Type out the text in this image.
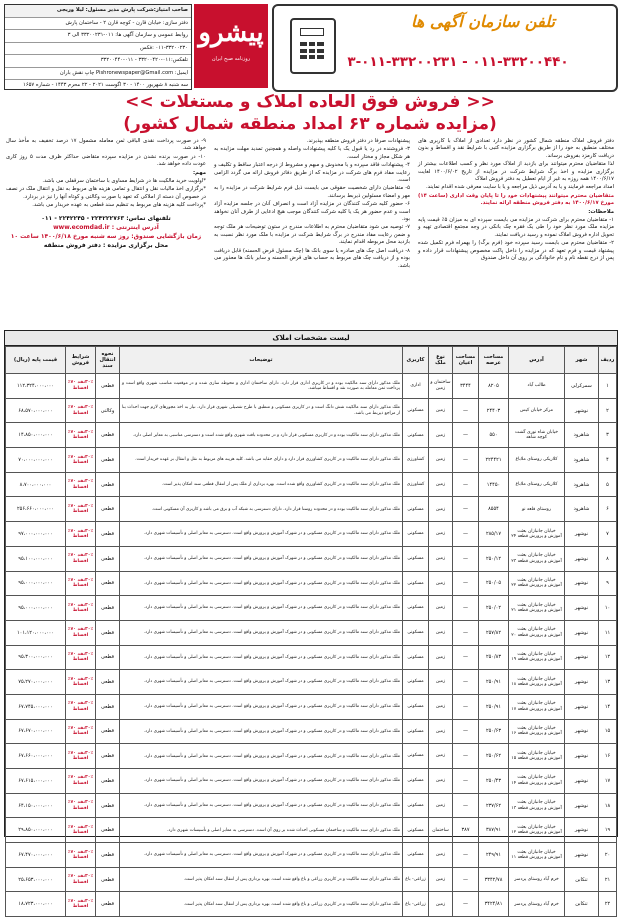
صاحب امتیاز:شرکت پارش مدیر مسئول: لیلا وریجی
دفتر سازی: خیابان قارن - کوچه قارن ۲ - ساختمان پارش
روابط عمومی و سازمان آگهی ها: ۰۱۱-۳۳۲۰۰۲۳۱ الی ۳
۰۱۱-۳۳۲۰۰۲۳۰ :فکس
تلفکس:۰۱۱-۳۳۲۰۰۴۲۰ - ۰۱۱-۳۳۲۰۰۴۴۰
ایمیل: Pishronewspaper@Gmail.com چاپ نقش باران
سه شنبه ۸ شهریور ۱۴۰۰ - ۳۰ اگوست ۲۰۲۱ - ۲۲ محرم ۱۴۴۳ - شماره ۱۶۵۷
پیشرو
روزنامه صبح ایران
تلفن سازمان آگهی ها
۳-۰۱۱-۳۳۲۰۰۲۳۱ - ۰۱۱-۳۳۲۰۰۴۴۰
<< فروش فوق العاده املاک و مستغلات >>
(مزایده شماره ۶۳ امداد منطقه شمال کشور)

دفتر فروش املاک منطقه شمال کشور در نظر دارد تعدادی از املاک با کاربری های مختلف منطبق به خود را از طریق برگزاری مزایده کتبی با شرایط نقد و اقساط و بدون دریافت کارمزد بفروش برساند.

لذا متقاضیان محترم میتوانند برای بازدید از املاک مورد نظر و کسب اطلاعات بیشتر از برگزاری مزایده و اخذ برگ شرایط شرکت در مزایده از تاریخ ۱۴۰۰/۶/۰۲ لغایت ۱۴۰۰/۶/۱۷ همه روزه به غیر از ایام تعطیل به دفتر فروش املاک

امداد مراجعه فرمایند و یا به آدرس ذیل مراجعه و یا با سایت معرفی شده اقدام نمایند.

متقاضیان محترم میتوانند پیشنهادات خود را تا پایان وقت اداری (ساعت ۱۴) مورخ ۱۴۰۰/۶/۱۷ به دفتر فروش منطقه ارائه نمایند.

ملاحظات:

۱- متقاضیان محترم برای شرکت در مزایده می بایست سپرده ای به میزان ۵٪ قیمت پایه مزایده ملک مورد نظر خود را طی یک فقره چک بانکی در وجه مجتمع اقتصادی تهیه و تحویل اداره فروش املاک نموده و رسید دریافت نمایند.

۲- متقاضیان محترم می بایست رسید سپرده خود (فرم برگ) را بهمراه فرم تکمیل شده پیشنهاد قیمت و فرم تعهد که در مزایده را داخل پاکت مخصوص پیشنهادات قرار داده و پس از درج نقطه نام و نام خانوادگی بر روی آن داخل صندوق

پیشنهادات صرفا در دفتر فروش منطقه بپذیرند.

۳- فروشنده در رد یا قبول یک یا کلیه پیشنهادات واصله و همچنین تمدید مهلت مزایده به هر شکل مجاز و مختار است.

۴- پیشنهادات فاقد سپرده و یا مخدوش و مبهم و مشروط از درجه اعتبار ساقط و تکلیف و رعایت مفاد فرم های شرکت در مزایده که از طریق دفاتر فروش ارائه می گردد الزامی است.

۵- متقاضیان دارای شخصیت حقوقی می بایست ذیل فرم شرایط شرکت در مزایده را به مهر و امضاء مسئولین ذیربط برسانند.

۶- حضور کلیه شرکت کنندگان در مزایده آزاد است و انصراف آنان در جلسه مزایده آزاد است و عدم حضور هر یک یا کلیه شرکت کنندگان موجب هیچ ادعایی از طرف آنان نخواهد بود.

۷- توصیه می شود متقاضیان محترم به اطلاعات مندرج در ستون توضیحات هر ملک توجه و ضمن رعایت مفاد مندرج در برگ شرایط شرکت در مزایده با ملک مورد نظر نسبت به بازدید محل مربوطه اقدام نمایند.

۸- دریافت اصل چک های صادره یا سوی بانک ها (چک مسئول قرض الحسنه) قابل دریافت بوده و از دریافت چک های مربوط به حساب های قرض الحسنه و سایر بانک ها معذور می باشد.

۹- در صورت پرداخت نقدی الباقی ثمن معامله مشمول ۱۷ درصد تخفیف به مأخذ سال خواهد شد.

۱۰- در صورت برنده نشدن در مزایده سپرده متقاضی حداکثر ظرف مدت ۵ روز کاری عودت داده خواهد شد.

مهم:

*اولویت خرید مالکیت ها در شرایط مساوی با ساختمان سرقفلی می باشد.

*برگزاری اخذ مالیات نقل و انتقال و تمامی هزینه های مربوط به نقل و انتقال ملک در نصف در خصوص آن دسته از املاکی که تعهد یا صورت وکالتی و کوتاه آنها را نیز در بردارد.

*پرداخت کلیه هزینه های مربوط به تنظیم سند قطعی به عهده خریدار می باشد.

تلفنهای تماس: ۲۲۴۲۲۲۷۶۳ - ۲۲۴۲۲۴۵ - ۰۱۱
آدرس اینترنتی : www.ecomdad.ir
زمان بازگشایی صندوق: روز سه شنبه مورخ ۱۴۰۰/۶/۱۸ ساعت ۱۰
محل برگزاری مزایده : دفتر فروش منطقه
لیست مشخصات املاک
ردیف	شهر	آدرس	مساحت عرصه	مساحت اعیان	نوع ملک	کاربری	توضیحات	نحوه انتقال سند	شرایط فروش	قیمت پایه (ریال)
۱	سمرکرلی	طالب آباد	۸۲۰۵	۳۴۴۴	ساختمان و زمین	اداری	ملک مذکور دارای سند مالکیت بوده و در کاربری اداری قرار دارد. دارای ساختمان اداری و محوطه سازی شده و در موقعیت مناسب شهری واقع است و پرداخت ثمن معامله به صورت نقد و اقساط میباشد.	قطعی	۳۰٪نقد ۷۰٪ اقساط	۱۱۲،۳۲۴،۰۰۰،۰۰۰
۲	نوشهر	مرکز خیابان کیس	۲۴۴۰۳	—	زمین	مسکونی	ملک مذکور دارای سند مالکیت شش دانگ است و در کاربری مسکونی و منطبق با طرح تفصیلی شهری قرار دارد. نیاز به اخذ مجوزهای لازم جهت احداث بنا از مراجع ذیربط می باشد.	وکالتی	۳۰٪نقد ۷۰٪ اقساط	۶۸،۵۷۰،۰۰۰،۰۰۰
۳	شاهرود	خیابان شاه نوری گشت کوچه شاهد	۵۵۰	—	زمین	مسکونی	ملک مذکور دارای سند مالکیت بوده و در کاربری مسکونی قرار دارد و در محدوده بافت شهری واقع شده است و دسترسی مناسبی به معابر اصلی دارد.	قطعی	۳۰٪نقد ۷۰٪ اقساط	۱۴،۸۵۰،۰۰۰،۰۰۰
۴	شاهرود	کلاریکی روستای ملاباغ	۲۲۴۴۲۱	—	زمین	کشاورزی	ملک مذکور دارای سند مالکیت و در کاربری کشاورزی قرار دارد و دارای حقابه می باشد. کلیه هزینه های مربوط به نقل و انتقال بر عهده خریدار است.	قطعی	۳۰٪نقد ۷۰٪ اقساط	۷۰،۰۰۰،۰۰۰،۰۰۰
۵	شاهرود	کلاریکی روستای ملاباغ	۱۴۴۵۰	—	زمین	کشاورزی	ملک مذکور دارای سند مالکیت و در کاربری کشاورزی واقع شده است. بهره برداری از ملک پس از انتقال قطعی سند امکان پذیر است.	قطعی	۳۰٪نقد ۷۰٪ اقساط	۸،۷۰۰،۰۰۰،۰۰۰
۶	شاهرود	روستای قلعه نو	۸۵۵۴	—	زمین	مسکونی	ملک مذکور دارای سند مالکیت بوده و در محدوده روستا قرار دارد. دارای دسترسی به شبکه آب و برق می باشد و کاربری آن مسکونی است.	قطعی	۳۰٪نقد ۷۰٪ اقساط	۲۵۶،۶۶۰،۰۰۰،۰۰۰
۷	نوشهر	خیابان جانبازان بعثت آموزش و پرورش قطعه ۲۴	۲۸۵/۱۷	—	زمین	مسکونی	ملک مذکور دارای سند مالکیت و در کاربری مسکونی و در شهرک آموزش و پرورش واقع است. دسترسی به معابر اصلی و تأسیسات شهری دارد.	قطعی	۳۰٪نقد ۷۰٪ اقساط	۹۷،۰۰۰،۰۰۰،۰۰۰
۸	نوشهر	خیابان جانبازان بعثت آموزش و پرورش قطعه ۲۳	۲۵۰/۱۲	—	زمین	مسکونی	ملک مذکور دارای سند مالکیت و در کاربری مسکونی و در شهرک آموزش و پرورش واقع است. دسترسی به معابر اصلی و تأسیسات شهری دارد.	قطعی	۳۰٪نقد ۷۰٪ اقساط	۹۵،۱۰۰،۰۰۰،۰۰۰
۹	نوشهر	خیابان جانبازان بعثت آموزش و پرورش قطعه ۲۲	۲۵۰/۰۵	—	زمین	مسکونی	ملک مذکور دارای سند مالکیت و در کاربری مسکونی و در شهرک آموزش و پرورش واقع است. دسترسی به معابر اصلی و تأسیسات شهری دارد.	قطعی	۳۰٪نقد ۷۰٪ اقساط	۹۵،۰۰۰،۰۰۰،۰۰۰
۱۰	نوشهر	خیابان جانبازان بعثت آموزش و پرورش قطعه ۲۱	۲۵۰/۰۲	—	زمین	مسکونی	ملک مذکور دارای سند مالکیت و در کاربری مسکونی و در شهرک آموزش و پرورش واقع است. دسترسی به معابر اصلی و تأسیسات شهری دارد.	قطعی	۳۰٪نقد ۷۰٪ اقساط	۹۵،۰۰۰،۰۰۰،۰۰۰
۱۱	نوشهر	خیابان جانبازان بعثت آموزش و پرورش قطعه ۲۰	۲۵۷/۸۲	—	زمین	مسکونی	ملک مذکور دارای سند مالکیت و در کاربری مسکونی و در شهرک آموزش و پرورش واقع است. دسترسی به معابر اصلی و تأسیسات شهری دارد.	قطعی	۳۰٪نقد ۷۰٪ اقساط	۱۰۱،۱۲۰،۰۰۰،۰۰۰
۱۲	نوشهر	خیابان جانبازان بعثت آموزش و پرورش قطعه ۱۹	۲۵۰/۸۳	—	زمین	مسکونی	ملک مذکور دارای سند مالکیت و در کاربری مسکونی و در شهرک آموزش و پرورش واقع است. دسترسی به معابر اصلی و تأسیسات شهری دارد.	قطعی	۳۰٪نقد ۷۰٪ اقساط	۹۵،۳۰۰،۰۰۰،۰۰۰
۱۳	نوشهر	خیابان جانبازان بعثت آموزش و پرورش قطعه ۱۸	۲۵۰/۹۱	—	زمین	مسکونی	ملک مذکور دارای سند مالکیت و در کاربری مسکونی و در شهرک آموزش و پرورش واقع است. دسترسی به معابر اصلی و تأسیسات شهری دارد.	قطعی	۳۰٪نقد ۷۰٪ اقساط	۷۵،۲۷۰،۰۰۰،۰۰۰
۱۴	نوشهر	خیابان جانبازان بعثت آموزش و پرورش قطعه ۱۷	۲۵۰/۹۱	—	زمین	مسکونی	ملک مذکور دارای سند مالکیت و در کاربری مسکونی و در شهرک آموزش و پرورش واقع است. دسترسی به معابر اصلی و تأسیسات شهری دارد.	قطعی	۳۰٪نقد ۷۰٪ اقساط	۶۷،۷۴۵،۰۰۰،۰۰۰
۱۵	نوشهر	خیابان جانبازان بعثت آموزش و پرورش قطعه ۱۶	۲۵۰/۶۳	—	زمین	مسکونی	ملک مذکور دارای سند مالکیت و در کاربری مسکونی و در شهرک آموزش و پرورش واقع است. دسترسی به معابر اصلی و تأسیسات شهری دارد.	قطعی	۳۰٪نقد ۷۰٪ اقساط	۶۷،۶۷۰،۰۰۰،۰۰۰
۱۶	نوشهر	خیابان جانبازان بعثت آموزش و پرورش قطعه ۱۵	۲۵۰/۶۲	—	زمین	مسکونی	ملک مذکور دارای سند مالکیت و در کاربری مسکونی و در شهرک آموزش و پرورش واقع است. دسترسی به معابر اصلی و تأسیسات شهری دارد.	قطعی	۳۰٪نقد ۷۰٪ اقساط	۶۷،۶۶۰،۰۰۰،۰۰۰
۱۷	نوشهر	خیابان جانبازان بعثت آموزش و پرورش قطعه ۱۴	۲۵۰/۴۳	—	زمین	مسکونی	ملک مذکور دارای سند مالکیت و در کاربری مسکونی و در شهرک آموزش و پرورش واقع است. دسترسی به معابر اصلی و تأسیسات شهری دارد.	قطعی	۳۰٪نقد ۷۰٪ اقساط	۶۷،۶۱۵،۰۰۰،۰۰۰
۱۸	نوشهر	خیابان جانبازان بعثت آموزش و پرورش قطعه ۱۳	۲۳۷/۶۲	—	زمین	مسکونی	ملک مذکور دارای سند مالکیت و در کاربری مسکونی و در شهرک آموزش و پرورش واقع است. دسترسی به معابر اصلی و تأسیسات شهری دارد.	قطعی	۳۰٪نقد ۷۰٪ اقساط	۶۴،۱۵۰،۰۰۰،۰۰۰
۱۹	نوشهر	خیابان جانبازان بعثت آموزش و پرورش قطعه ۱۲	۳۸۷/۹۱	۳۸۷	ساختمان	مسکونی	ملک مذکور دارای سند مالکیت و ساختمان مسکونی احداث شده بر روی آن است. دسترسی به معابر اصلی و تأسیسات شهری دارد.	قطعی	۳۰٪نقد ۷۰٪ اقساط	۲۹،۸۵۰،۰۰۰،۰۰۰
۲۰	نوشهر	خیابان جانبازان بعثت آموزش و پرورش قطعه ۱۱	۲۴۹/۹۱	—	زمین	مسکونی	ملک مذکور دارای سند مالکیت و در کاربری مسکونی و در شهرک آموزش و پرورش واقع است. دسترسی به معابر اصلی و تأسیسات شهری دارد.	قطعی	۳۰٪نقد ۷۰٪ اقساط	۶۷،۴۷۰،۰۰۰،۰۰۰
۲۱	تنکابن	خرم آباد روستای پردسر	۳۳۴۲/۷۸	—	زمین	زراعی- باغ	ملک مذکور دارای سند مالکیت و در کاربری زراعی و باغ واقع شده است. بهره برداری پس از انتقال سند امکان پذیر است.	قطعی	۳۰٪نقد ۷۰٪ اقساط	۲۵،۶۵۳،۰۰۰،۰۰۰
۲۲	تنکابن	خرم آباد روستای پردسر	۳۴۲۴/۸۱	—	زمین	زراعی- باغ	ملک مذکور دارای سند مالکیت و در کاربری زراعی و باغ واقع شده است. بهره برداری پس از انتقال سند امکان پذیر است.	قطعی	۳۰٪نقد ۷۰٪ اقساط	۱۸،۷۲۳،۰۰۰،۰۰۰
